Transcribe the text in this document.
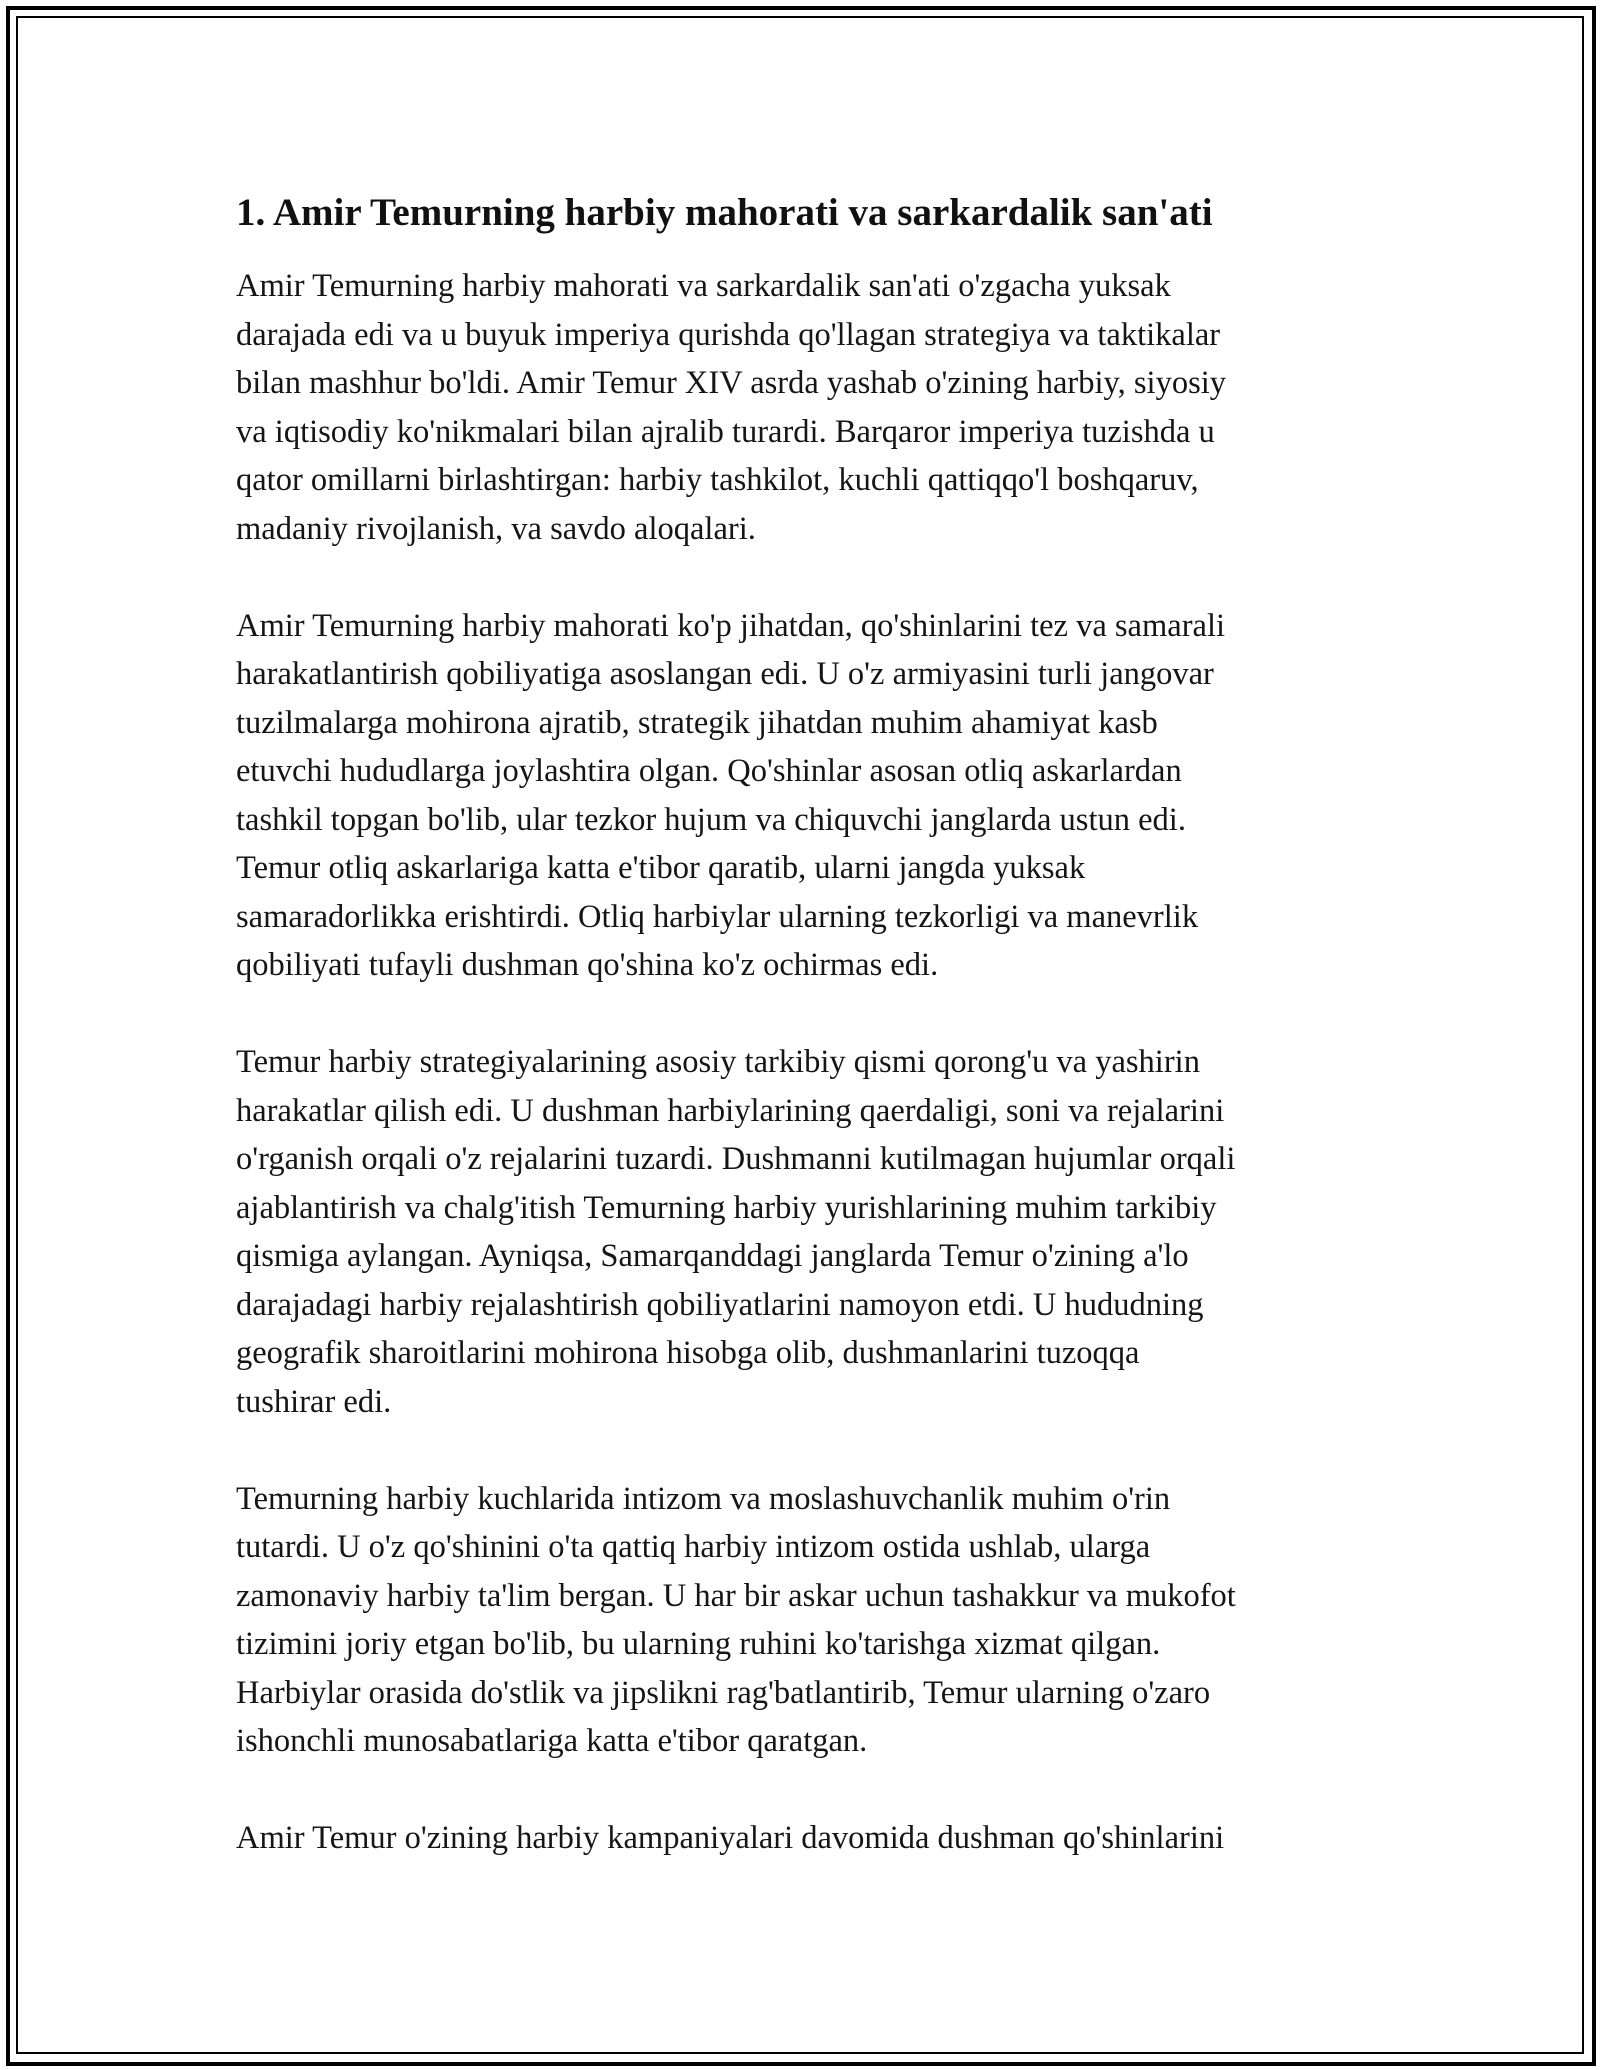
1. Amir Temurning harbiy mahorati va sarkardalik san'ati
Amir Temurning harbiy mahorati va sarkardalik san'ati o'zgacha yuksak
darajada edi va u buyuk imperiya qurishda qo'llagan strategiya va taktikalar
bilan mashhur bo'ldi. Amir Temur XIV asrda yashab o'zining harbiy, siyosiy
va iqtisodiy ko'nikmalari bilan ajralib turardi. Barqaror imperiya tuzishda u
qator omillarni birlashtirgan: harbiy tashkilot, kuchli qattiqqo'l boshqaruv,
madaniy rivojlanish, va savdo aloqalari.
Amir Temurning harbiy mahorati ko'p jihatdan, qo'shinlarini tez va samarali
harakatlantirish qobiliyatiga asoslangan edi. U o'z armiyasini turli jangovar
tuzilmalarga mohirona ajratib, strategik jihatdan muhim ahamiyat kasb
etuvchi hududlarga joylashtira olgan. Qo'shinlar asosan otliq askarlardan
tashkil topgan bo'lib, ular tezkor hujum va chiquvchi janglarda ustun edi.
Temur otliq askarlariga katta e'tibor qaratib, ularni jangda yuksak
samaradorlikka erishtirdi. Otliq harbiylar ularning tezkorligi va manevrlik
qobiliyati tufayli dushman qo'shina ko'z ochirmas edi.
Temur harbiy strategiyalarining asosiy tarkibiy qismi qorong'u va yashirin
harakatlar qilish edi. U dushman harbiylarining qaerdaligi, soni va rejalarini
o'rganish orqali o'z rejalarini tuzardi. Dushmanni kutilmagan hujumlar orqali
ajablantirish va chalg'itish Temurning harbiy yurishlarining muhim tarkibiy
qismiga aylangan. Ayniqsa, Samarqanddagi janglarda Temur o'zining a'lo
darajadagi harbiy rejalashtirish qobiliyatlarini namoyon etdi. U hududning
geografik sharoitlarini mohirona hisobga olib, dushmanlarini tuzoqqa
tushirar edi.
Temurning harbiy kuchlarida intizom va moslashuvchanlik muhim o'rin
tutardi. U o'z qo'shinini o'ta qattiq harbiy intizom ostida ushlab, ularga
zamonaviy harbiy ta'lim bergan. U har bir askar uchun tashakkur va mukofot
tizimini joriy etgan bo'lib, bu ularning ruhini ko'tarishga xizmat qilgan.
Harbiylar orasida do'stlik va jipslikni rag'batlantirib, Temur ularning o'zaro
ishonchli munosabatlariga katta e'tibor qaratgan.
Amir Temur o'zining harbiy kampaniyalari davomida dushman qo'shinlarini
